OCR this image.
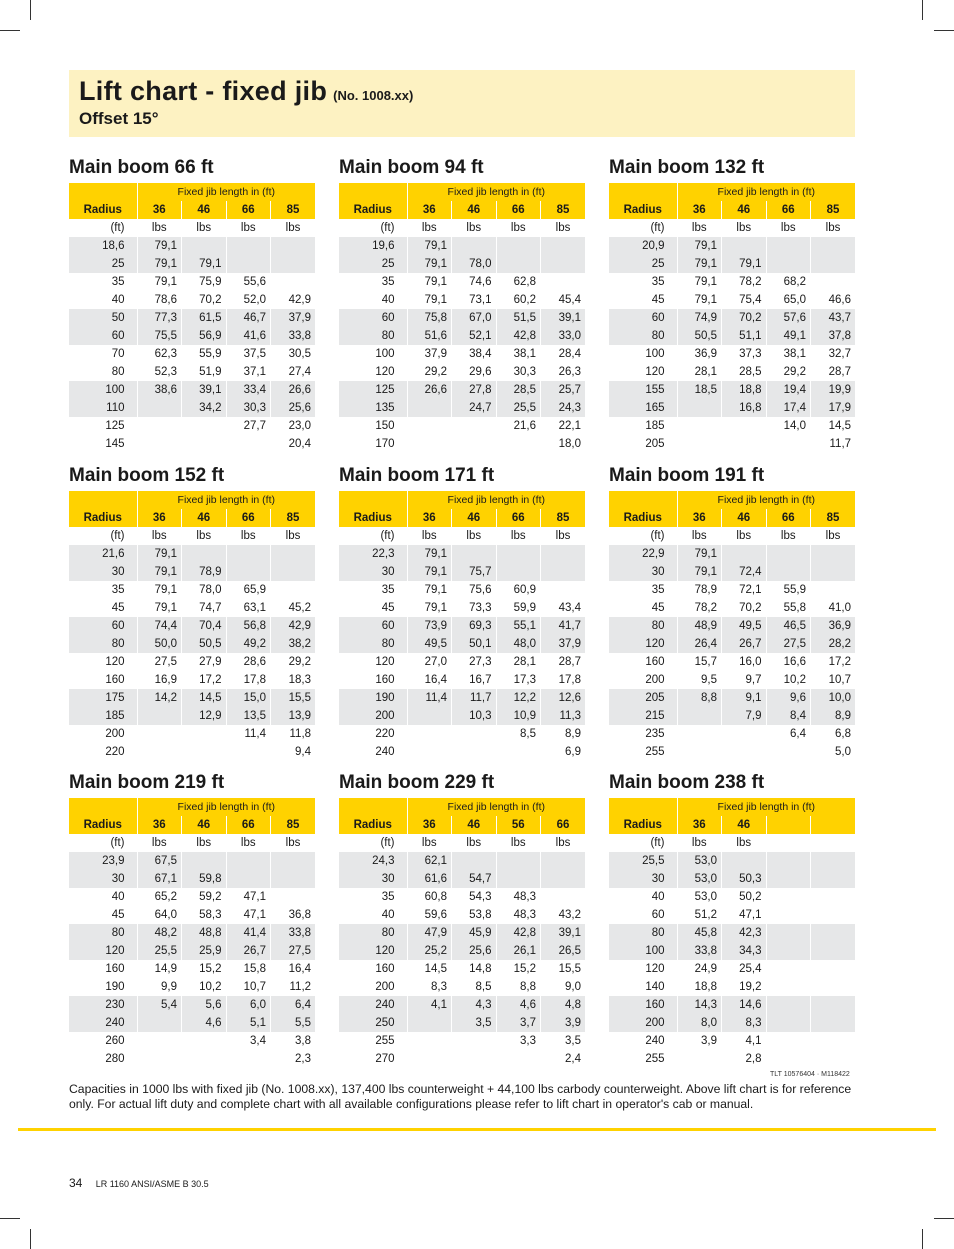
Lift chart - fixed jib (No. 1008.xx)
Offset 15°
Main boom 66 ft
	Fixed jib length in (ft)			
Radius	36	46	66	85
(ft)	lbs	lbs	lbs	lbs
18,6	79,1			
25	79,1	79,1		
35	79,1	75,9	55,6	
40	78,6	70,2	52,0	42,9
50	77,3	61,5	46,7	37,9
60	75,5	56,9	41,6	33,8
70	62,3	55,9	37,5	30,5
80	52,3	51,9	37,1	27,4
100	38,6	39,1	33,4	26,6
110		34,2	30,3	25,6
125			27,7	23,0
145				20,4
Main boom 94 ft
	Fixed jib length in (ft)			
Radius	36	46	66	85
(ft)	lbs	lbs	lbs	lbs
19,6	79,1			
25	79,1	78,0		
35	79,1	74,6	62,8	
40	79,1	73,1	60,2	45,4
60	75,8	67,0	51,5	39,1
80	51,6	52,1	42,8	33,0
100	37,9	38,4	38,1	28,4
120	29,2	29,6	30,3	26,3
125	26,6	27,8	28,5	25,7
135		24,7	25,5	24,3
150			21,6	22,1
170				18,0
Main boom 132 ft
	Fixed jib length in (ft)			
Radius	36	46	66	85
(ft)	lbs	lbs	lbs	lbs
20,9	79,1			
25	79,1	79,1		
35	79,1	78,2	68,2	
45	79,1	75,4	65,0	46,6
60	74,9	70,2	57,6	43,7
80	50,5	51,1	49,1	37,8
100	36,9	37,3	38,1	32,7
120	28,1	28,5	29,2	28,7
155	18,5	18,8	19,4	19,9
165		16,8	17,4	17,9
185			14,0	14,5
205				11,7
Main boom 152 ft
	Fixed jib length in (ft)			
Radius	36	46	66	85
(ft)	lbs	lbs	lbs	lbs
21,6	79,1			
30	79,1	78,9		
35	79,1	78,0	65,9	
45	79,1	74,7	63,1	45,2
60	74,4	70,4	56,8	42,9
80	50,0	50,5	49,2	38,2
120	27,5	27,9	28,6	29,2
160	16,9	17,2	17,8	18,3
175	14,2	14,5	15,0	15,5
185		12,9	13,5	13,9
200			11,4	11,8
220				9,4
Main boom 171 ft
	Fixed jib length in (ft)			
Radius	36	46	66	85
(ft)	lbs	lbs	lbs	lbs
22,3	79,1			
30	79,1	75,7		
35	79,1	75,6	60,9	
45	79,1	73,3	59,9	43,4
60	73,9	69,3	55,1	41,7
80	49,5	50,1	48,0	37,9
120	27,0	27,3	28,1	28,7
160	16,4	16,7	17,3	17,8
190	11,4	11,7	12,2	12,6
200		10,3	10,9	11,3
220			8,5	8,9
240				6,9
Main boom 191 ft
	Fixed jib length in (ft)			
Radius	36	46	66	85
(ft)	lbs	lbs	lbs	lbs
22,9	79,1			
30	79,1	72,4		
35	78,9	72,1	55,9	
45	78,2	70,2	55,8	41,0
80	48,9	49,5	46,5	36,9
120	26,4	26,7	27,5	28,2
160	15,7	16,0	16,6	17,2
200	9,5	9,7	10,2	10,7
205	8,8	9,1	9,6	10,0
215		7,9	8,4	8,9
235			6,4	6,8
255				5,0
Main boom 219 ft
	Fixed jib length in (ft)			
Radius	36	46	66	85
(ft)	lbs	lbs	lbs	lbs
23,9	67,5			
30	67,1	59,8		
40	65,2	59,2	47,1	
45	64,0	58,3	47,1	36,8
80	48,2	48,8	41,4	33,8
120	25,5	25,9	26,7	27,5
160	14,9	15,2	15,8	16,4
190	9,9	10,2	10,7	11,2
230	5,4	5,6	6,0	6,4
240		4,6	5,1	5,5
260			3,4	3,8
280				2,3
Main boom 229 ft
	Fixed jib length in (ft)			
Radius	36	46	56	66
(ft)	lbs	lbs	lbs	lbs
24,3	62,1			
30	61,6	54,7		
35	60,8	54,3	48,3	
40	59,6	53,8	48,3	43,2
80	47,9	45,9	42,8	39,1
120	25,2	25,6	26,1	26,5
160	14,5	14,8	15,2	15,5
200	8,3	8,5	8,8	9,0
240	4,1	4,3	4,6	4,8
250		3,5	3,7	3,9
255			3,3	3,5
270				2,4
Main boom 238 ft
	Fixed jib length in (ft)			
Radius	36	46		
(ft)	lbs	lbs		
25,5	53,0			
30	53,0	50,3		
40	53,0	50,2		
60	51,2	47,1		
80	45,8	42,3		
100	33,8	34,3		
120	24,9	25,4		
140	18,8	19,2		
160	14,3	14,6		
200	8,0	8,3		
240	3,9	4,1		
255		2,8		
TLT 10576404 · M118422
Capacities in 1000 lbs with fixed jib (No. 1008.xx), 137,400 lbs counterweight + 44,100 lbs carbody counterweight. Above lift chart is for reference only. For actual lift duty and complete chart with all available configurations please refer to lift chart in operator's cab or manual.
34 LR 1160 ANSI/ASME B 30.5
